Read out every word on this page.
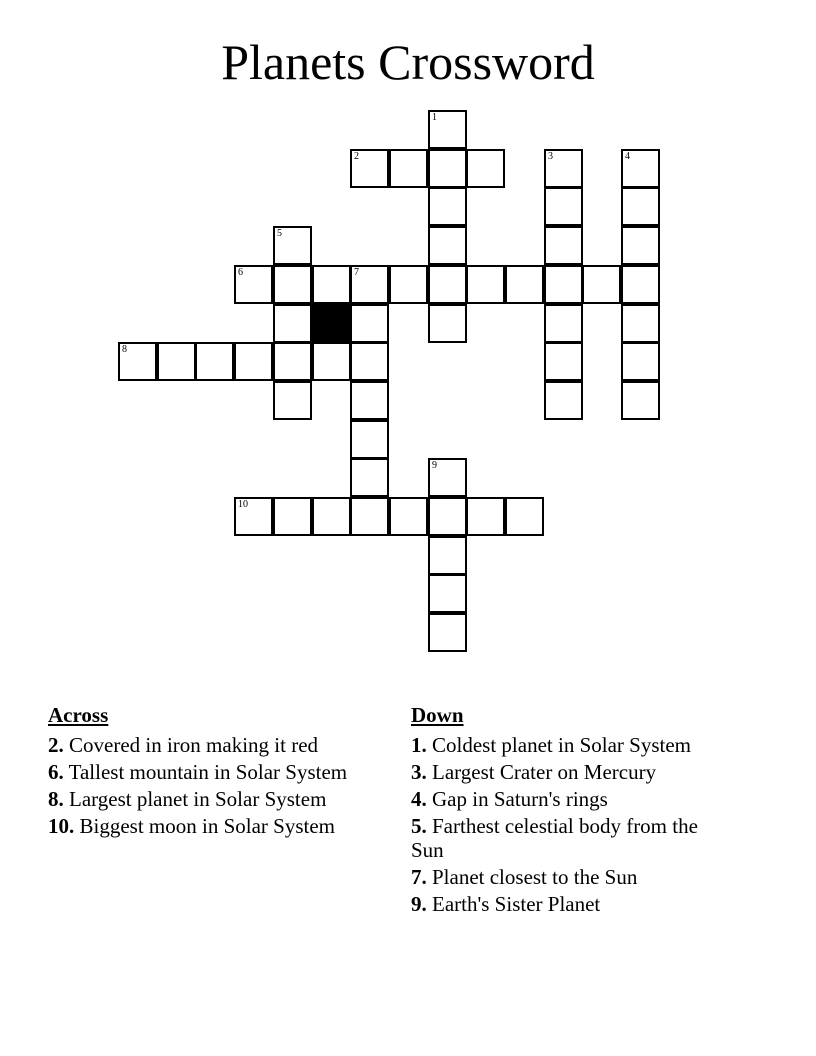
Planets Crossword
1
2	3	4
5
6	7
8
9
10
Across
2. Covered in iron making it red
6. Tallest mountain in Solar System
8. Largest planet in Solar System
10. Biggest moon in Solar System
Down
1. Coldest planet in Solar System
3. Largest Crater on Mercury
4. Gap in Saturn's rings
5. Farthest celestial body from the Sun
7. Planet closest to the Sun
9. Earth's Sister Planet
